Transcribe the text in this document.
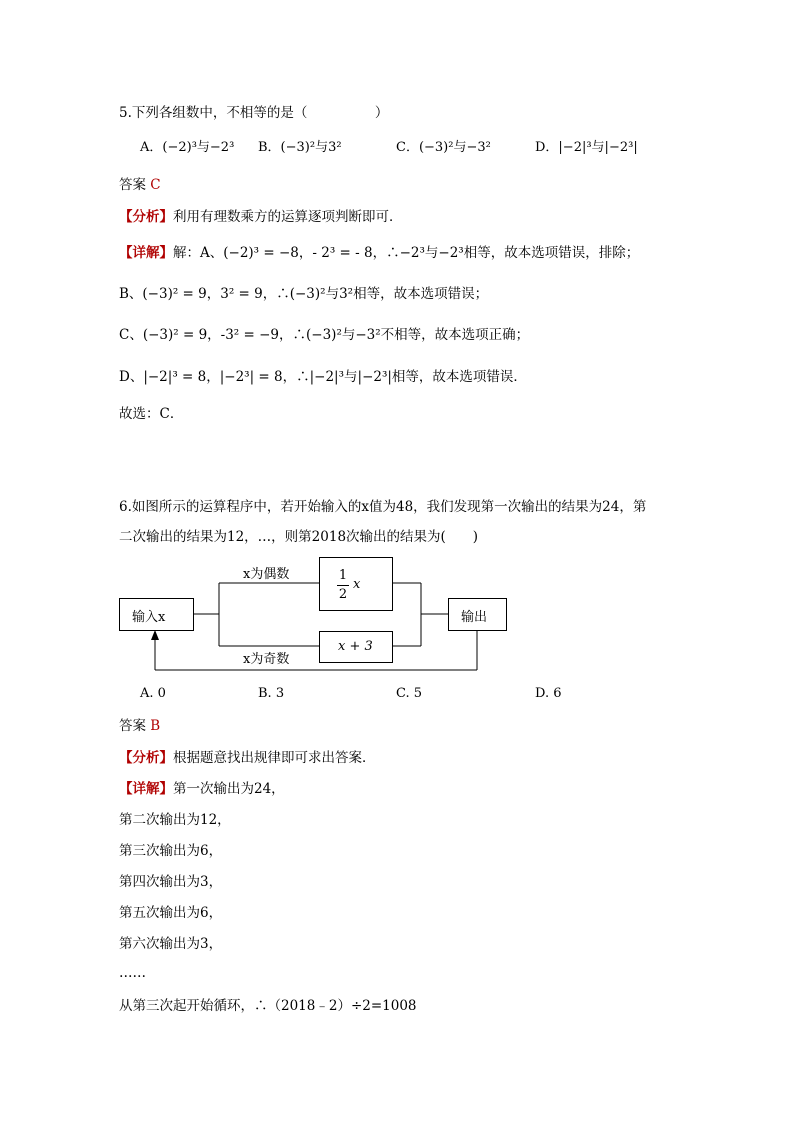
5.下列各组数中，不相等的是（　　　　　）
A．(−2)³与−2³ B．(−3)²与3²	C．(−3)²与−3²	D．|−2|³与|−2³|
答案 C
【分析】利用有理数乘方的运算逐项判断即可．
【详解】解：A、(−2)³ = −8，- 2³ = - 8，∴−2³与−2³相等，故本选项错误，排除；
B、(−3)² = 9，3² = 9，∴(−3)²与3²相等，故本选项错误；
C、(−3)² = 9，-3² = −9，∴(−3)²与−3²不相等，故本选项正确；
D、|−2|³ = 8，|−2³| = 8，∴|−2|³与|−2³|相等，故本选项错误．
故选：C．
6.如图所示的运算程序中，若开始输入的x值为48，我们发现第一次输出的结果为24，第
二次输出的结果为12，…，则第2018次输出的结果为(　　)
输入x
x为偶数	1
2
x
x + 3
x为奇数
输出
A. 0	B. 3	C. 5	D. 6
答案 B
【分析】根据题意找出规律即可求出答案．
【详解】第一次输出为24，
第二次输出为12，
第三次输出为6，
第四次输出为3，
第五次输出为6，
第六次输出为3，
……
从第三次起开始循环，∴（2018﹣2）÷2=1008
